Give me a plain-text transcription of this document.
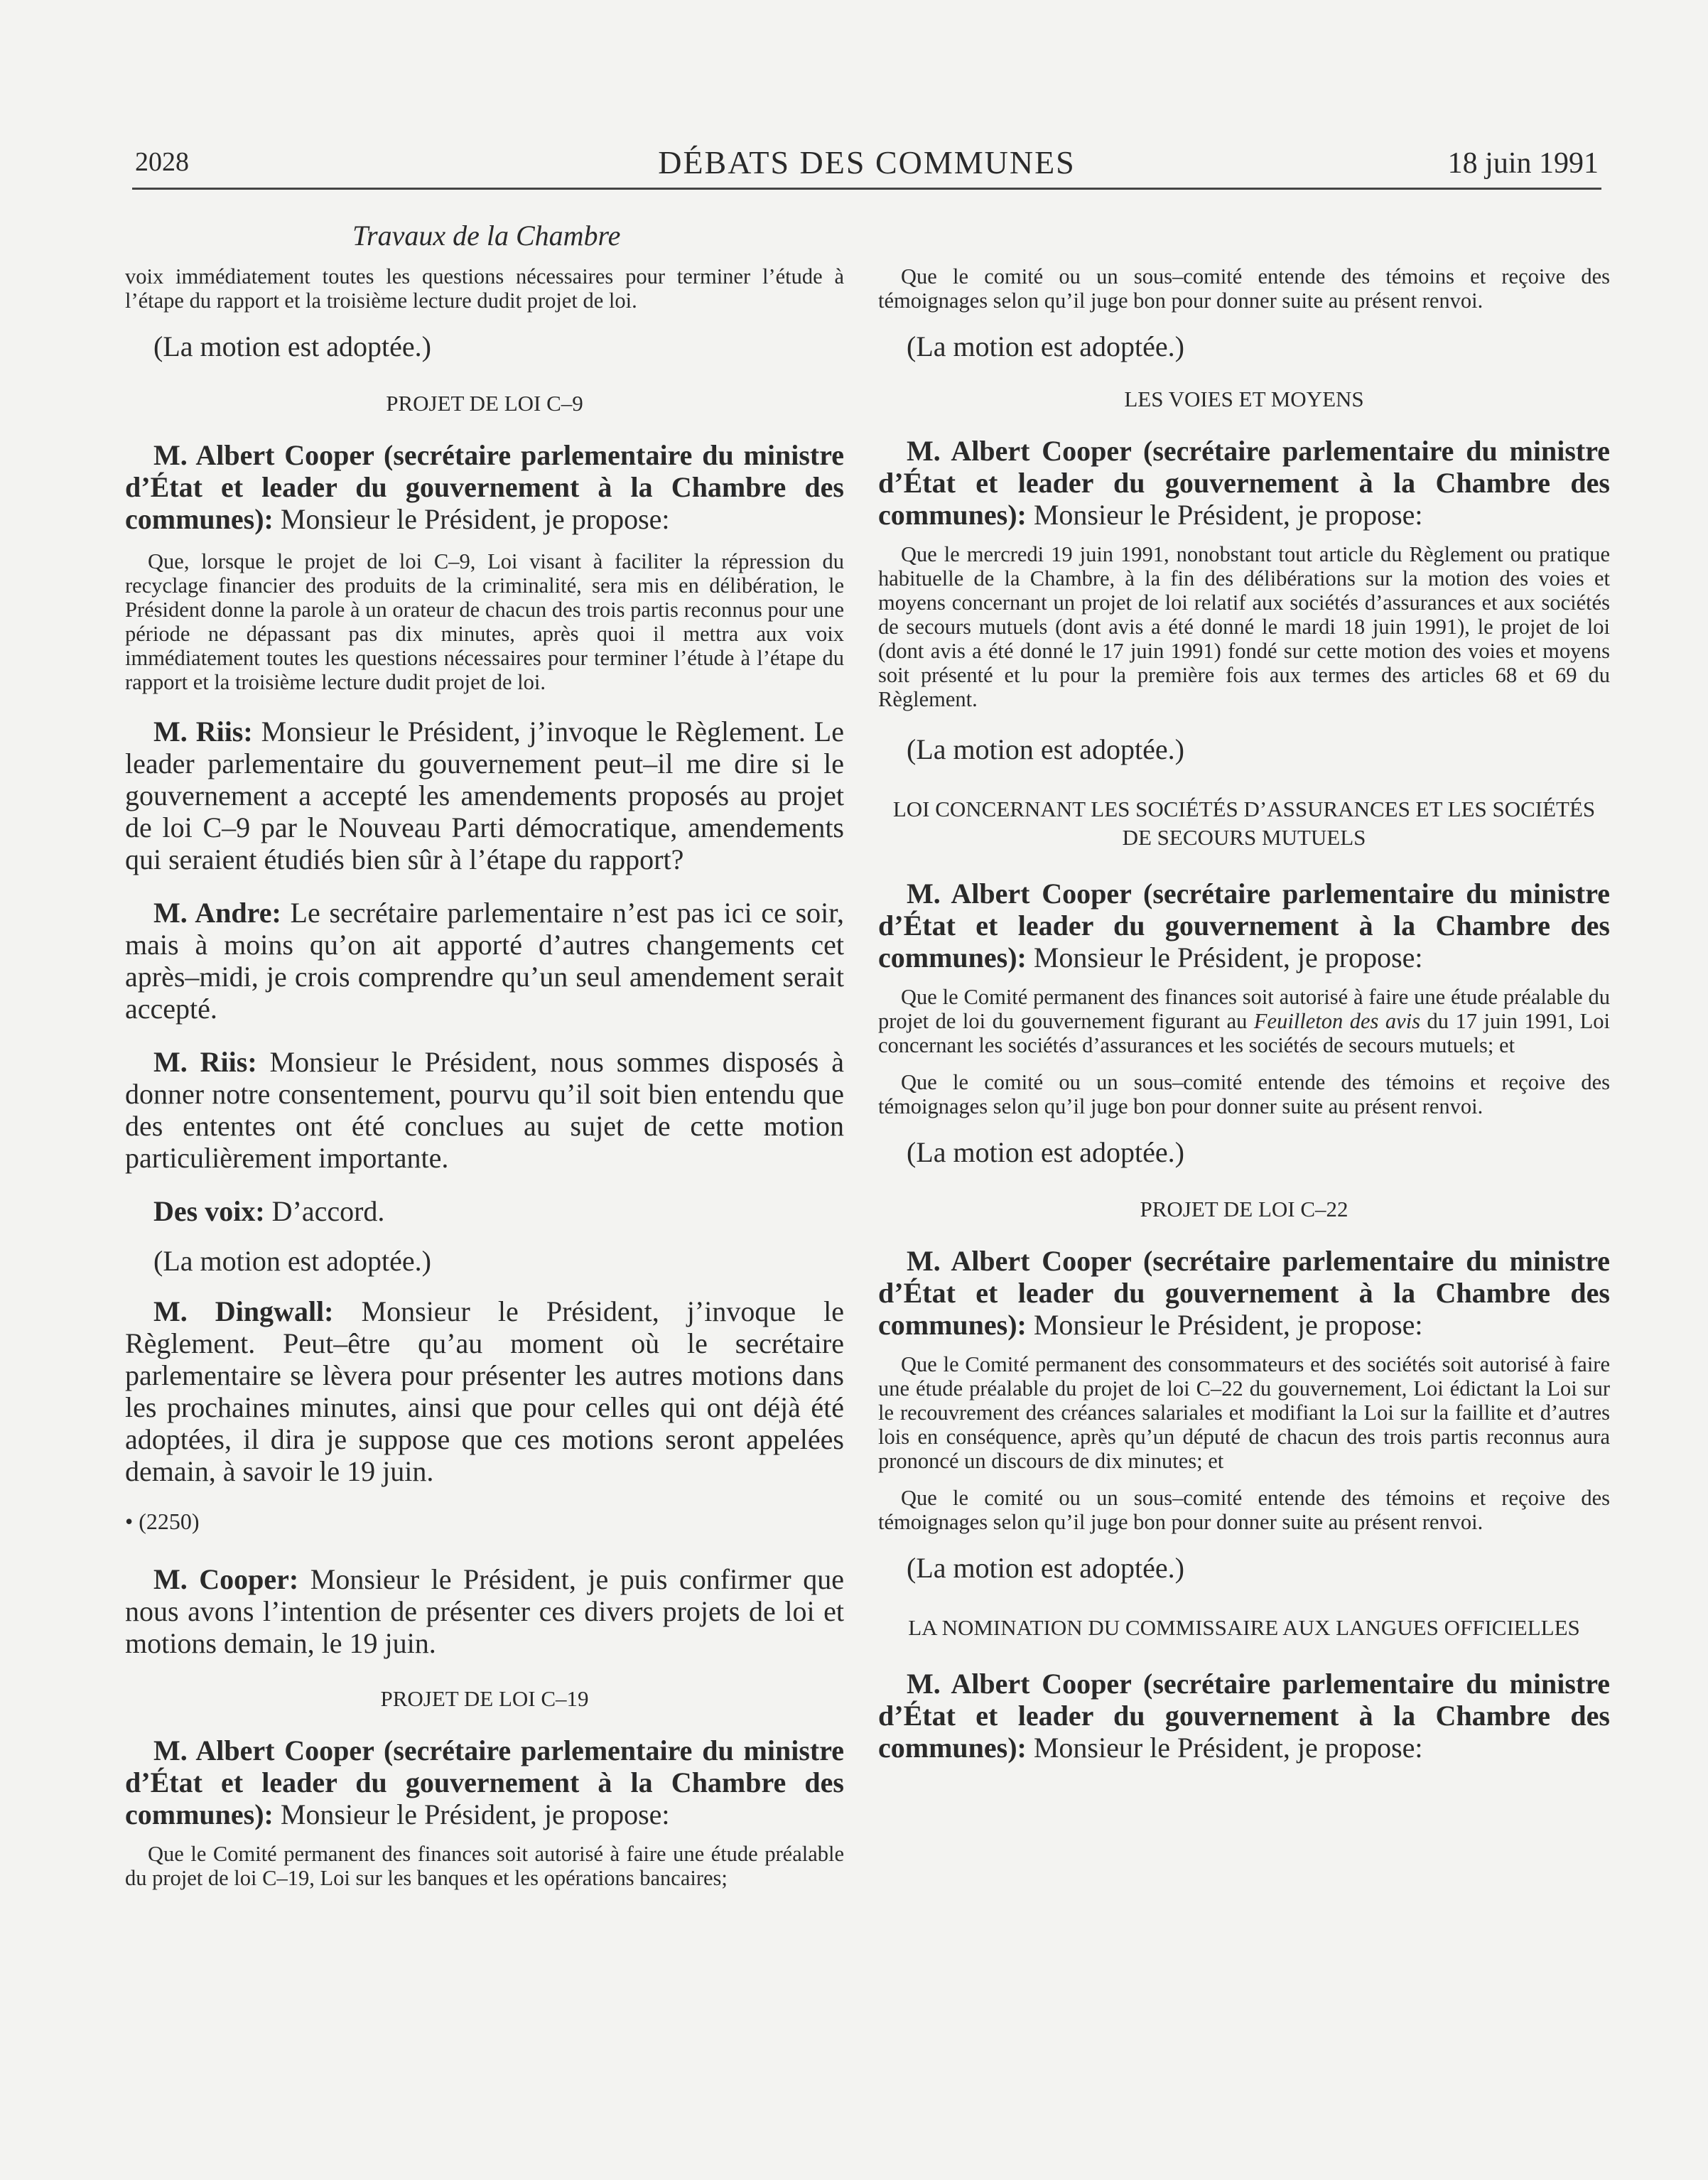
2028	DÉBATS DES COMMUNES	18 juin 1991
Travaux de la Chambre

voix immédiatement toutes les questions nécessaires pour terminer l’étude à l’étape du rapport et la troisième lecture dudit projet de loi.

(La motion est adoptée.)

PROJET DE LOI C–9

M. Albert Cooper (secrétaire parlementaire du ministre d’État et leader du gouvernement à la Chambre des communes): Monsieur le Président, je propose:

Que, lorsque le projet de loi C–9, Loi visant à faciliter la répression du recyclage financier des produits de la criminalité, sera mis en délibération, le Président donne la parole à un orateur de chacun des trois partis reconnus pour une période ne dépassant pas dix minutes, après quoi il mettra aux voix immédiatement toutes les questions nécessaires pour terminer l’étude à l’étape du rapport et la troisième lecture dudit projet de loi.

M. Riis: Monsieur le Président, j’invoque le Règlement. Le leader parlementaire du gouvernement peut–il me dire si le gouvernement a accepté les amendements proposés au projet de loi C–9 par le Nouveau Parti démocratique, amendements qui seraient étudiés bien sûr à l’étape du rapport?

M. Andre: Le secrétaire parlementaire n’est pas ici ce soir, mais à moins qu’on ait apporté d’autres changements cet après–midi, je crois comprendre qu’un seul amendement serait accepté.

M. Riis: Monsieur le Président, nous sommes disposés à donner notre consentement, pourvu qu’il soit bien entendu que des ententes ont été conclues au sujet de cette motion particulièrement importante.

Des voix: D’accord.

(La motion est adoptée.)

M. Dingwall: Monsieur le Président, j’invoque le Règlement. Peut–être qu’au moment où le secrétaire parlementaire se lèvera pour présenter les autres motions dans les prochaines minutes, ainsi que pour celles qui ont déjà été adoptées, il dira je suppose que ces motions seront appelées demain, à savoir le 19 juin.

• (2250)

M. Cooper: Monsieur le Président, je puis confirmer que nous avons l’intention de présenter ces divers projets de loi et motions demain, le 19 juin.

PROJET DE LOI C–19

M. Albert Cooper (secrétaire parlementaire du ministre d’État et leader du gouvernement à la Chambre des communes): Monsieur le Président, je propose:

Que le Comité permanent des finances soit autorisé à faire une étude préalable du projet de loi C–19, Loi sur les banques et les opérations bancaires;

Que le comité ou un sous–comité entende des témoins et reçoive des témoignages selon qu’il juge bon pour donner suite au présent renvoi.

(La motion est adoptée.)

LES VOIES ET MOYENS

M. Albert Cooper (secrétaire parlementaire du ministre d’État et leader du gouvernement à la Chambre des communes): Monsieur le Président, je propose:

Que le mercredi 19 juin 1991, nonobstant tout article du Règlement ou pratique habituelle de la Chambre, à la fin des délibérations sur la motion des voies et moyens concernant un projet de loi relatif aux sociétés d’assurances et aux sociétés de secours mutuels (dont avis a été donné le mardi 18 juin 1991), le projet de loi (dont avis a été donné le 17 juin 1991) fondé sur cette motion des voies et moyens soit présenté et lu pour la première fois aux termes des articles 68 et 69 du Règlement.

(La motion est adoptée.)

LOI CONCERNANT LES SOCIÉTÉS D’ASSURANCES ET LES SOCIÉTÉS DE SECOURS MUTUELS

M. Albert Cooper (secrétaire parlementaire du ministre d’État et leader du gouvernement à la Chambre des communes): Monsieur le Président, je propose:

Que le Comité permanent des finances soit autorisé à faire une étude préalable du projet de loi du gouvernement figurant au Feuilleton des avis du 17 juin 1991, Loi concernant les sociétés d’assurances et les sociétés de secours mutuels; et

Que le comité ou un sous–comité entende des témoins et reçoive des témoignages selon qu’il juge bon pour donner suite au présent renvoi.

(La motion est adoptée.)

PROJET DE LOI C–22

M. Albert Cooper (secrétaire parlementaire du ministre d’État et leader du gouvernement à la Chambre des communes): Monsieur le Président, je propose:

Que le Comité permanent des consommateurs et des sociétés soit autorisé à faire une étude préalable du projet de loi C–22 du gouvernement, Loi édictant la Loi sur le recouvrement des créances salariales et modifiant la Loi sur la faillite et d’autres lois en conséquence, après qu’un député de chacun des trois partis reconnus aura prononcé un discours de dix minutes; et

Que le comité ou un sous–comité entende des témoins et reçoive des témoignages selon qu’il juge bon pour donner suite au présent renvoi.

(La motion est adoptée.)

LA NOMINATION DU COMMISSAIRE AUX LANGUES OFFICIELLES

M. Albert Cooper (secrétaire parlementaire du ministre d’État et leader du gouvernement à la Chambre des communes): Monsieur le Président, je propose:
